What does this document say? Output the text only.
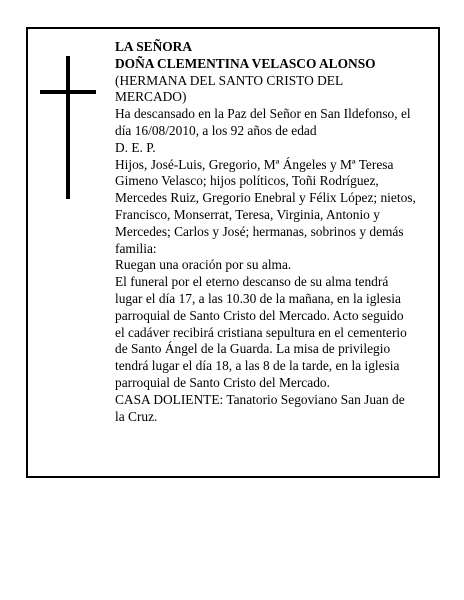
LA SEÑORA
DOÑA CLEMENTINA VELASCO ALONSO
(HERMANA DEL SANTO CRISTO DEL
MERCADO)
Ha descansado en la Paz del Señor en San Ildefonso, el
día 16/08/2010, a los 92 años de edad
D. E. P.
Hijos, José-Luis, Gregorio, Mª Ángeles y Mª Teresa
Gimeno Velasco; hijos políticos, Toñi Rodríguez,
Mercedes Ruiz, Gregorio Enebral y Félix López; nietos,
Francisco, Monserrat, Teresa, Virginia, Antonio y
Mercedes; Carlos y José; hermanas, sobrinos y demás
familia:
Ruegan una oración por su alma.
El funeral por el eterno descanso de su alma tendrá
lugar el día 17, a las 10.30 de la mañana, en la iglesia
parroquial de Santo Cristo del Mercado. Acto seguido
el cadáver recibirá cristiana sepultura en el cementerio
de Santo Ángel de la Guarda. La misa de privilegio
tendrá lugar el día 18, a las 8 de la tarde, en la iglesia
parroquial de Santo Cristo del Mercado.
CASA DOLIENTE: Tanatorio Segoviano San Juan de
la Cruz.
